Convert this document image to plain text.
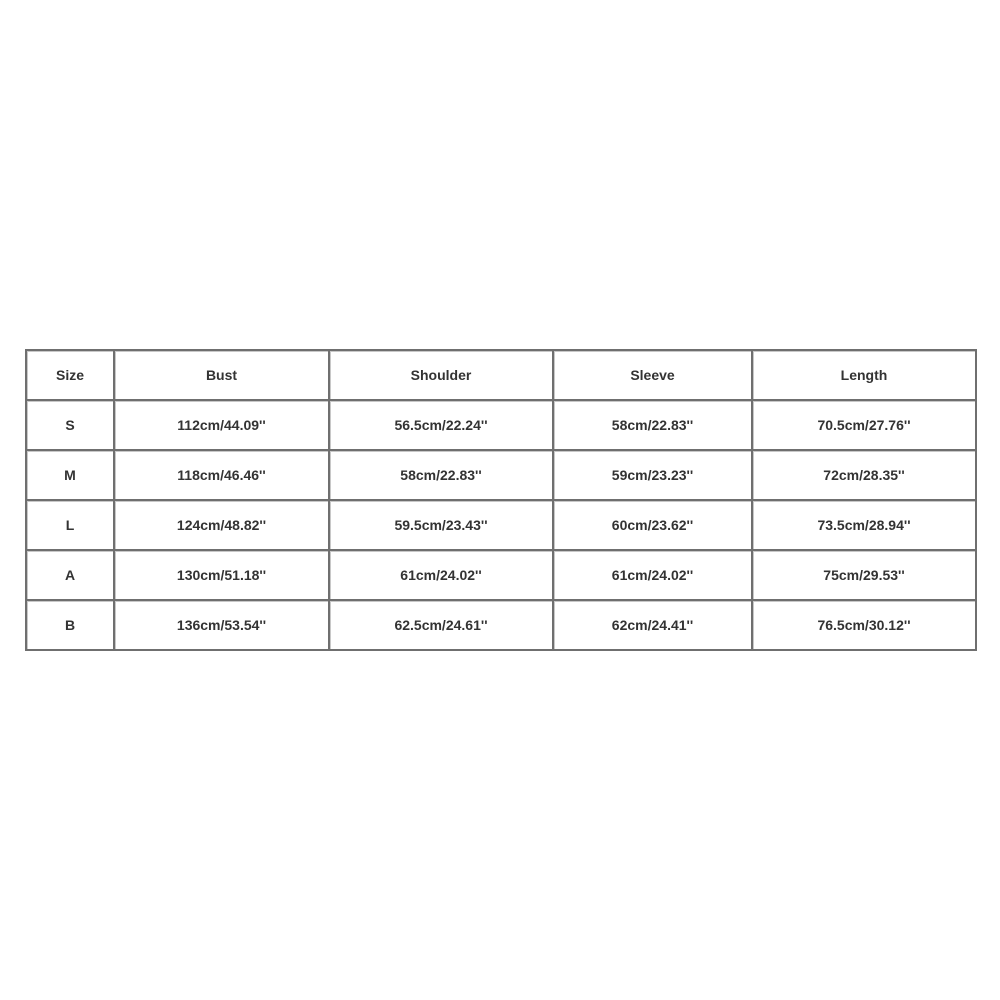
Size	Bust	Shoulder	Sleeve	Length
S	112cm/44.09''	56.5cm/22.24''	58cm/22.83''	70.5cm/27.76''
M	118cm/46.46''	58cm/22.83''	59cm/23.23''	72cm/28.35''
L	124cm/48.82''	59.5cm/23.43''	60cm/23.62''	73.5cm/28.94''
A	130cm/51.18''	61cm/24.02''	61cm/24.02''	75cm/29.53''
B	136cm/53.54''	62.5cm/24.61''	62cm/24.41''	76.5cm/30.12''
